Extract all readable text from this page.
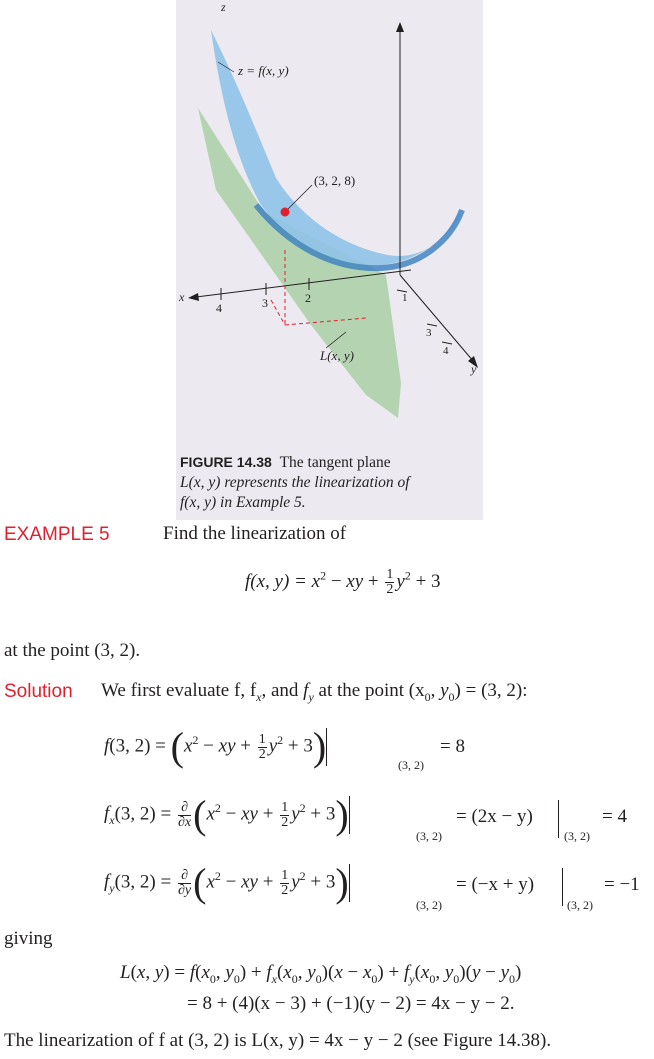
z
x
y
z = f(x, y)
(3, 2, 8)
L(x, y)
4	3	2	1
3
4
FIGURE 14.38 The tangent plane
L(x, y) represents the linearization of
f(x, y) in Example 5.
EXAMPLE 5	Find the linearization of
f(x, $y) = x^2$ − xy + $\frac{1}{2} y^2 + 3$
at the point (3, 2).
Solution We first evaluate f, $f_x$, and $f_y$ at the point ($x_0$, $y_0) = (3$, 2):
f(3, $2) = (x^2$ − xy + $\frac{1}{2} y^2 + 3$)	(3, 2)
= 8
$f_x(3$, $2) = \frac{\partial}{\partial x} (x^2$ − xy + $\frac{1}{2} y^2 + 3$)	(3, 2)
= (2x − y)
(3, 2)
= 4
$f_y(3$, $2) = \frac{\partial}{\partial y} (x^2$ − xy + $\frac{1}{2} y^2 + 3$)	(3, 2)
= (−x + y)
(3, 2)
= −1
giving
L(x, $y) = f(x_0$, $y_0) + f_x(x_0$, $y_0)(x - x_0) + f_y(x_0$, $y_0)(y - y_0)$
= 8 + (4)(x − 3) + (−1)(y − 2) = 4x − y − 2.
The linearization of f at (3, 2) is L(x, y) = 4x − y − 2 (see Figure 14.38).
